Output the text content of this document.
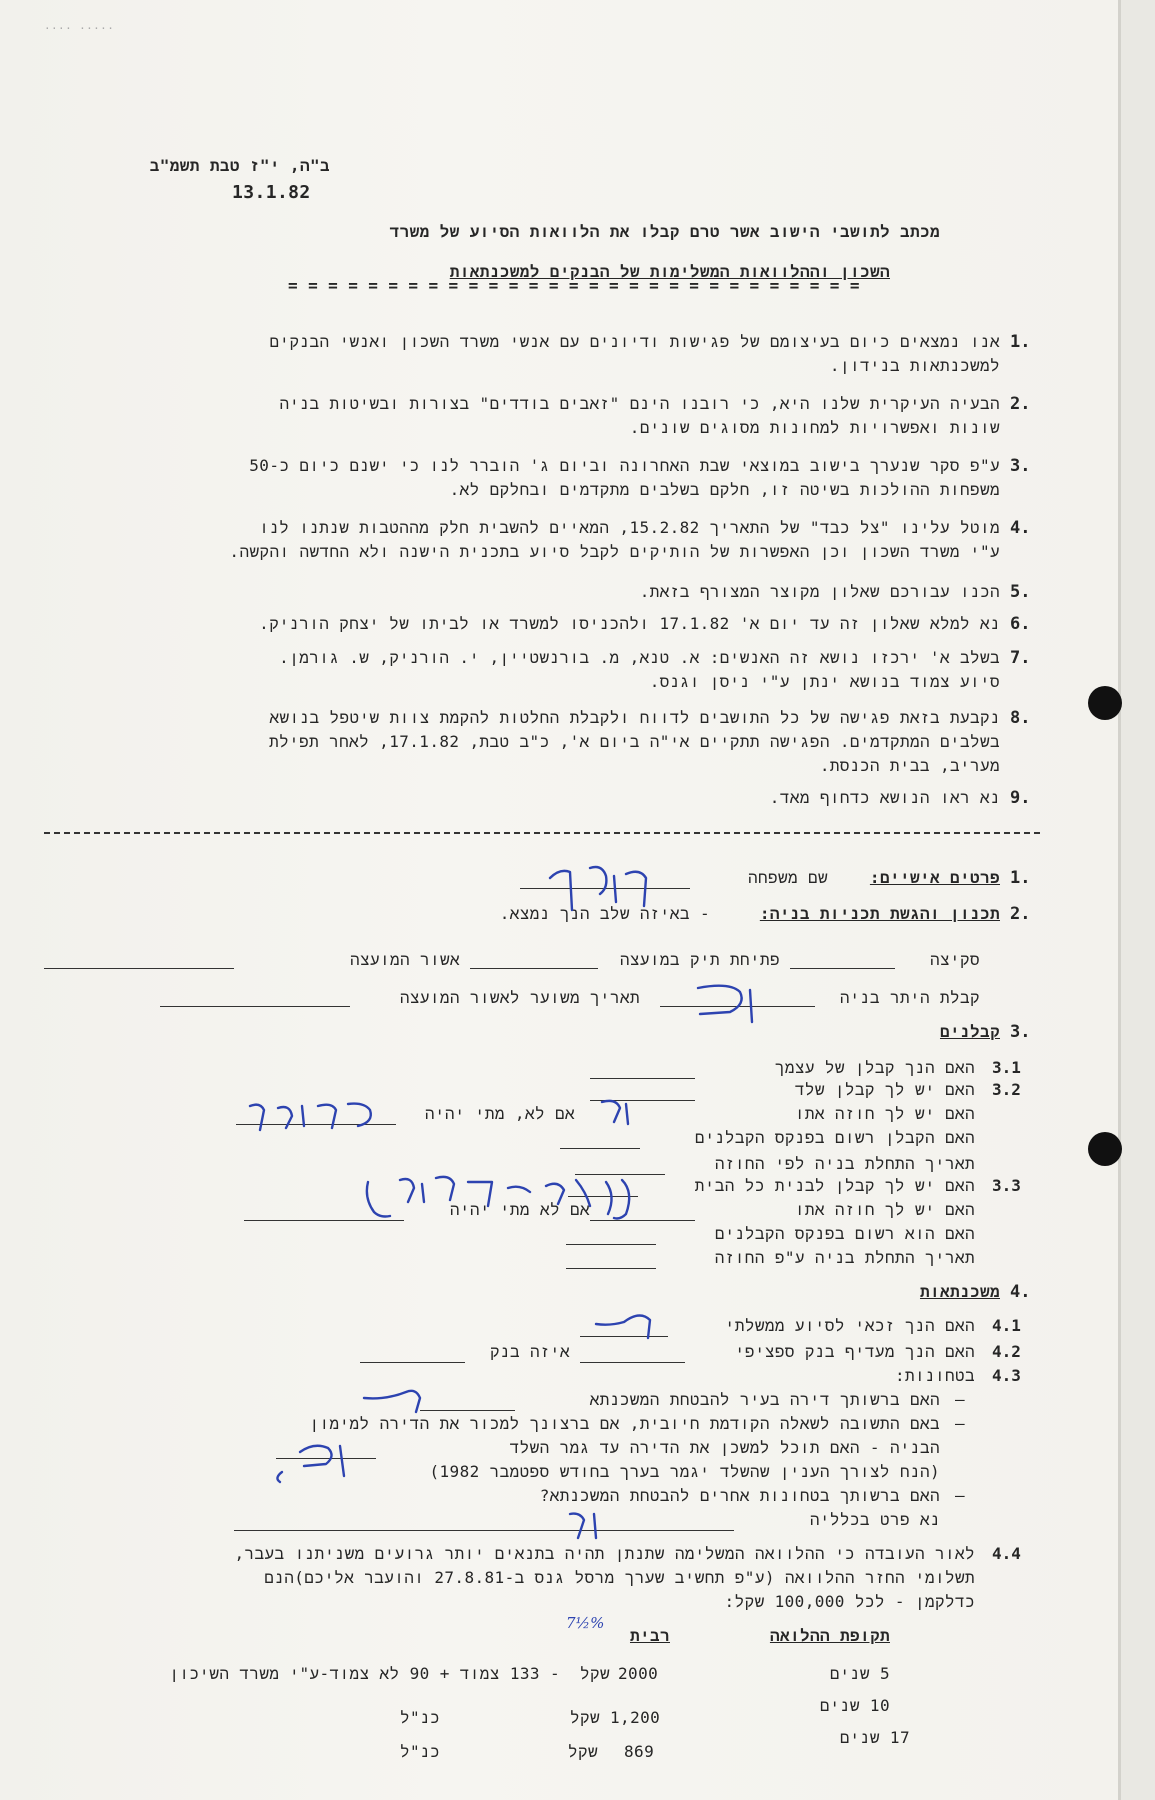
···· ·····
ב"ה, י"ז טבת תשמ"ב
13.1.82
מכתב לתושבי הישוב אשר טרם קבלו את הלוואות הסיוע של משרד
השכון וההלוואות המשלימות של הבנקים למשכנתאות
= = = = = = = = = = = = = = = = = = = = = = = = = = = = =
אנו נמצאים כיום בעיצומם של פגישות ודיונים עם אנשי משרד השכון ואנשי הבנקים
למשכנתאות בנידון.
1.
הבעיה העיקרית שלנו היא, כי רובנו הינם "זאבים בודדים" בצורות ובשיטות בניה
שונות ואפשרויות למחונות מסוגים שונים.
2.
ע"פ סקר שנערך בישוב במוצאי שבת האחרונה וביום ג' הוברר לנו כי ישנם כיום כ-50
משפחות ההולכות בשיטה זו, חלקם בשלבים מתקדמים ובחלקם לא.
3.
מוטל עלינו "צל כבד" של התאריך 15.2.82, המאיים להשבית חלק מההטבות שנתנו לנו
ע"י משרד השכון וכן האפשרות של הותיקים לקבל סיוע בתכנית הישנה ולא החדשה והקשה.
4.
הכנו עבורכם שאלון מקוצר המצורף בזאת. 5.
נא למלא שאלון זה עד יום א' 17.1.82 ולהכניסו למשרד או לביתו של יצחק הורניק. 6.
בשלב א' ירכזו נושא זה האנשים: א. טנא, מ. בורנשטיין, י. הורניק, ש. גורמן.
סיוע צמוד בנושא ינתן ע"י ניסן וגנס.
7.
נקבעת בזאת פגישה של כל התושבים לדווח ולקבלת החלטות להקמת צוות שיטפל בנושא
בשלבים המתקדמים. הפגישה תתקיים אי"ה ביום א', כ"ב טבת, 17.1.82, לאחר תפילת
מעריב, בבית הכנסת.
8.
נא ראו הנושא כדחוף מאד. 9.
1.
פרטים אישיים:
שם משפחה
2.
תכנון והגשת תכניות בניה:
- באיזה שלב הנך נמצא.
סקיצה
פתיחת תיק במועצה
אשור המועצה
קבלת היתר בניה
תאריך משוער לאשור המועצה
3.
קבלנים
3.1
האם הנך קבלן של עצמך
3.2
האם יש לך קבלן שלד
האם יש לך חוזה אתו
אם לא, מתי יהיה
האם הקבלן רשום בפנקס הקבלנים
תאריך התחלת בניה לפי החוזה
3.3
האם יש לך קבלן לבנית כל הבית
האם יש לך חוזה אתו
אם לא מתי יהיה
האם הוא רשום בפנקס הקבלנים
תאריך התחלת בניה ע"פ החוזה
4.
משכנתאות
4.1
האם הנך זכאי לסיוע ממשלתי
4.2
האם הנך מעדיף בנק ספציפי
איזה בנק
4.3
בטחונות:
–
האם ברשותך דירה בעיר להבטחת המשכנתא
–
באם התשובה לשאלה הקודמת חיובית, אם ברצונך למכור את הדירה למימון
הבניה - האם תוכל למשכן את הדירה עד גמר השלד
(הנח לצורך הענין שהשלד יגמר בערך בחודש ספטמבר 1982)
–
האם ברשותך בטחונות אחרים להבטחת המשכנתא?
נא פרט בכלליה
4.4
לאור העובדה כי ההלוואה המשלימה שתנתן תהיה בתנאים יותר גרועים משניתנו בעבר,
תשלומי החזר ההלוואה (ע"פ תחשיב שערך מרסל גנס ב-27.8.81 והועבר אליכם)הנם
כדלקמן - לכל 100,000 שקל:
תקופת ההלואה
רבית
7½%
5 שנים
2000
שקל
- 133 צמוד + 90 לא צמוד-ע"י משרד השיכון
10 שנים
1,200
שקל
כנ"ל
17 שנים
869
שקל
כנ"ל
